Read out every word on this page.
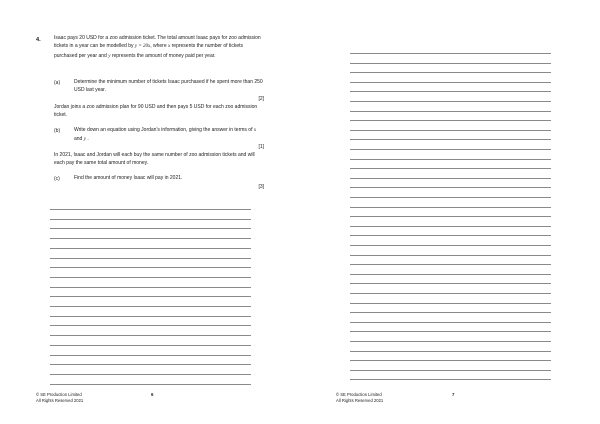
4.	Isaac pays 20 USD for a zoo admission ticket. The total amount Isaac pays for zoo admission tickets in a year can be modelled by y = 20x, where x represents the number of tickets purchased per year and y represents the amount of money paid per year.
(a)	Determine the minimum number of tickets Isaac purchased if he spent more than 250 USD last year.
[2]
Jordan joins a zoo admission plan for 90 USD and then pays 5 USD for each zoo admission ticket.
(b)	Write down an equation using Jordan's information, giving the answer in terms of x and y .
[1]
In 2021, Isaac and Jordan will each buy the same number of zoo admission tickets and will each pay the same total amount of money.
(c)	Find the amount of money Isaac will pay in 2021.
[3]
© SE Production Limited
All Rights Reserved 2021
6	© SE Production Limited
All Rights Reserved 2021
7
